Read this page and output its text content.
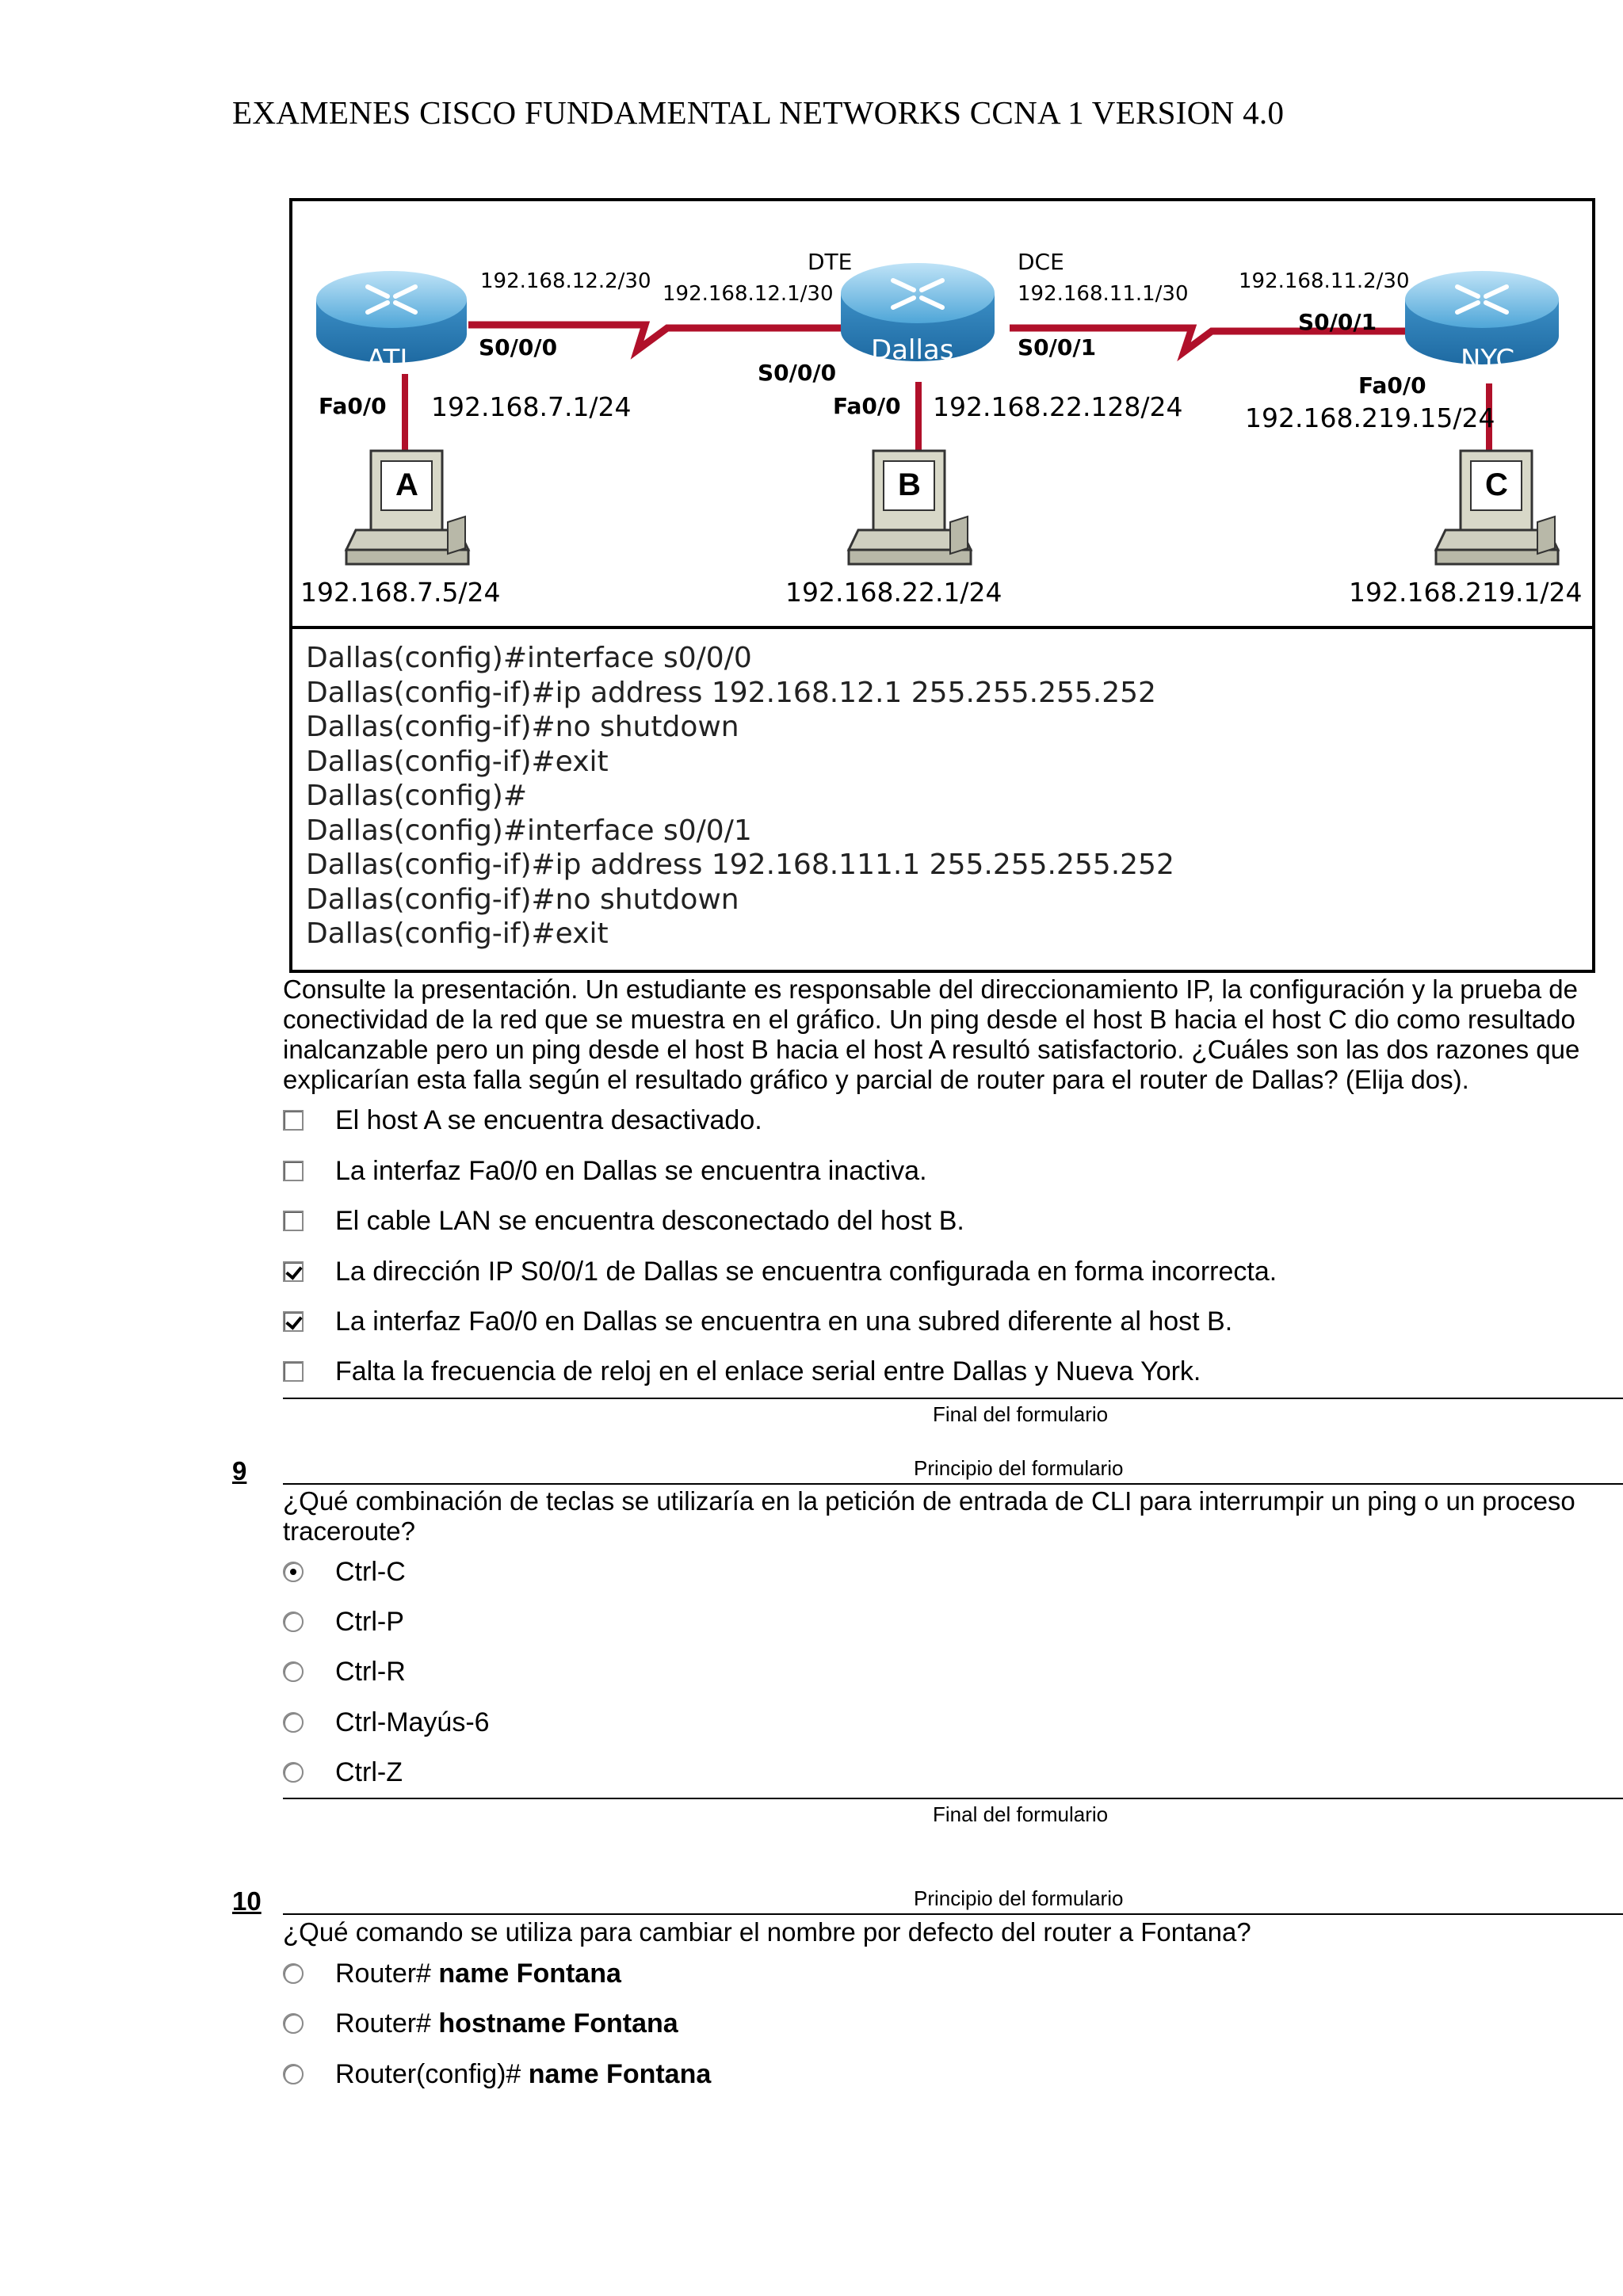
EXAMENES CISCO FUNDAMENTAL NETWORKS CCNA 1 VERSION 4.0
ATL	Dallas	NYC
A	B	C
DTE	DCE
192.168.12.2/30
192.168.12.1/30	192.168.11.1/30
192.168.11.2/30
S0/0/0
S0/0/0
S0/0/1
S0/0/1
Fa0/0 192.168.7.1/24	Fa0/0 192.168.22.128/24
Fa0/0
192.168.219.15/24
192.168.7.5/24	192.168.22.1/24	192.168.219.1/24
Dallas(config)#interface s0/0/0
Dallas(config-if)#ip address 192.168.12.1 255.255.255.252
Dallas(config-if)#no shutdown
Dallas(config-if)#exit
Dallas(config)#
Dallas(config)#interface s0/0/1
Dallas(config-if)#ip address 192.168.111.1 255.255.255.252
Dallas(config-if)#no shutdown
Dallas(config-if)#exit
Consulte la presentación. Un estudiante es responsable del direccionamiento IP, la configuración y la prueba de
conectividad de la red que se muestra en el gráfico. Un ping desde el host B hacia el host C dio como resultado
inalcanzable pero un ping desde el host B hacia el host A resultó satisfactorio. ¿Cuáles son las dos razones que
explicarían esta falla según el resultado gráfico y parcial de router para el router de Dallas? (Elija dos).
El host A se encuentra desactivado.
La interfaz Fa0/0 en Dallas se encuentra inactiva.
El cable LAN se encuentra desconectado del host B.
La dirección IP S0/0/1 de Dallas se encuentra configurada en forma incorrecta.
La interfaz Fa0/0 en Dallas se encuentra en una subred diferente al host B.
Falta la frecuencia de reloj en el enlace serial entre Dallas y Nueva York.
Final del formulario
9	Principio del formulario
¿Qué combinación de teclas se utilizaría en la petición de entrada de CLI para interrumpir un ping o un proceso
traceroute?
Ctrl-C
Ctrl-P
Ctrl-R
Ctrl-Mayús-6
Ctrl-Z
Final del formulario
10	Principio del formulario
¿Qué comando se utiliza para cambiar el nombre por defecto del router a Fontana?
Router# name Fontana
Router# hostname Fontana
Router(config)# name Fontana
